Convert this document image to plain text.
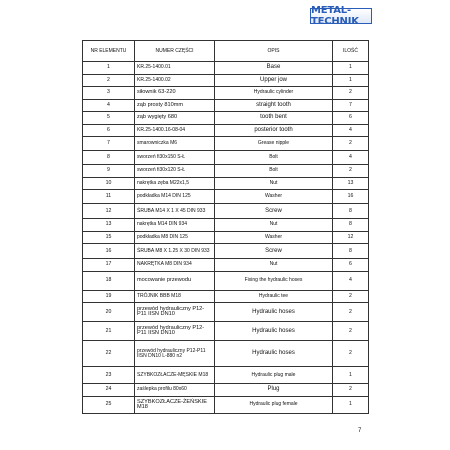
METAL-TECHNIK
NR ELEMENTU	NUMER CZĘŚCI	OPIS	ILOŚĆ
1	KR.25-1400.01	Base	1
2	KR.25-1400.02	Upper jow	1
3	siłownik 63-220	Hydraulic cylinder	2
4	ząb prosty 810mm	straight tooth	7
5	ząb wygięty 680	tooth bent	6
6	KR.25-1400.16-08-04	posterior tooth	4
7	smarowniczka M6	Grease nipple	2
8	sworzeń fi30x150 S-Ł	Bolt	4
9	sworzeń fi30x120 S-Ł	Bolt	2
10	nakrętka zęba M22x1,5	Nut	13
11	podkładka M14 DIN 125	Washer	16
12	ŚRUBA M14 X 1 X 45 DIN 933	Screw	8
13	nakrętka M14 DIN 934	Nut	8
15	podkładka M8 DIN 125	Washer	12
16	ŚRUBA M8 X 1.25 X 30 DIN 933	Screw	8
17	NAKRĘTKA M8 DIN 934	Nut	6
18	mocowanie przewodu	Fixing the hydraulic hoses	4
19	TRÓJNIK BBB M18	Hydraulic tee	2
20	przewód hydrauliczny P12-P11 IISN DN10	Hydraulic hoses	2
21	przewód hydrauliczny P12-P11 IISN DN10	Hydraulic hoses	2
22	przewód hydrauliczny P12-P11 IISN DN10 L-880 n2	Hydraulic hoses	2
23	SZYBKOZŁACZE-MĘSKIE M18	Hydraulic plug male	1
24	zaślepka profilu 80x60	Plug	2
25	SZYBKOZŁACZE-ŻEŃSKIE M18	Hydraulic plug female	1
7
